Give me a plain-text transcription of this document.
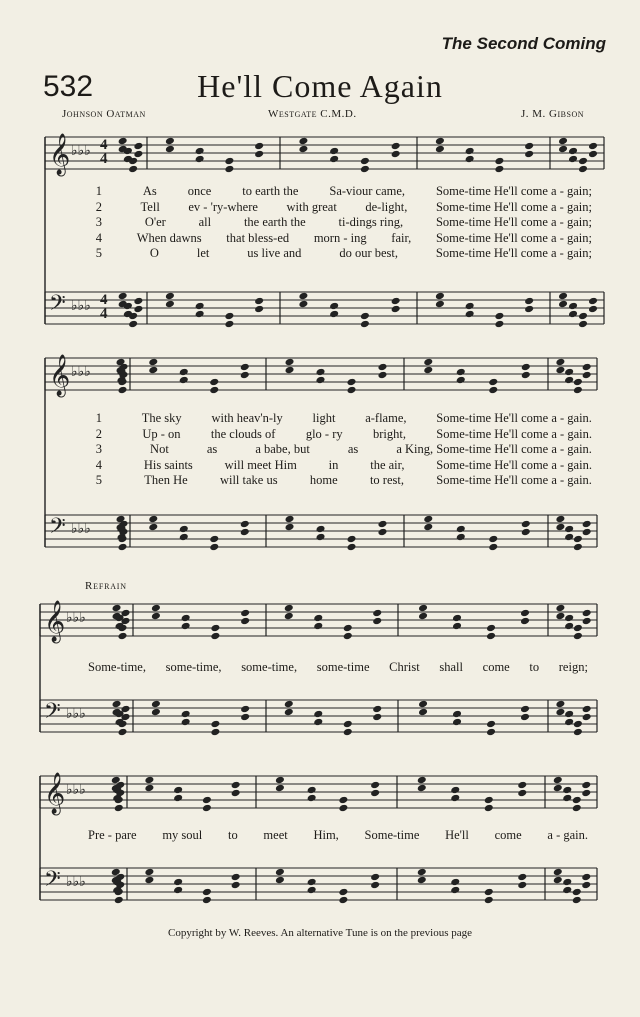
The Second Coming
532	He'll Come Again
Johnson Oatman	Westgate C.M.D.	J. M. Gibson
𝄞 ♭♭♭
𝄢 ♭♭♭
𝄞 ♭♭♭
𝄢 ♭♭♭
𝄞 ♭♭♭
𝄢 ♭♭♭
𝄞 ♭♭♭
𝄢 ♭♭♭
4
4
4
4
1	As once to earth the Sa-viour came, Some-time He'll come a - gain;
2	Tell ev - 'ry-where with great de-light, Some-time He'll come a - gain;
3	O'er	all	the earth the	ti-dings ring,	Some-time He'll come a - gain;
4	When dawns that bless-ed morn - ing fair, Some-time He'll come a - gain;
5	O	let	us live and	do our best,	Some-time He'll come a - gain;
1	The sky with heav'n-ly light a-flame, Some-time He'll come a - gain.
2	Up - on the clouds of glo - ry bright, Some-time He'll come a - gain.
3	Not	as	a babe, but	as	a King, Some-time He'll come a - gain.
4	His saints	will meet Him	in	the air,	Some-time He'll come a - gain.
5	Then He	will take us	home	to rest,	Some-time He'll come a - gain.
Refrain
Some-time, some-time, some-time, some-time Christ shall come to reign;
Pre - pare my soul to meet Him, Some-time He'll come a - gain.
Copyright by W. Reeves. An alternative Tune is on the previous page
